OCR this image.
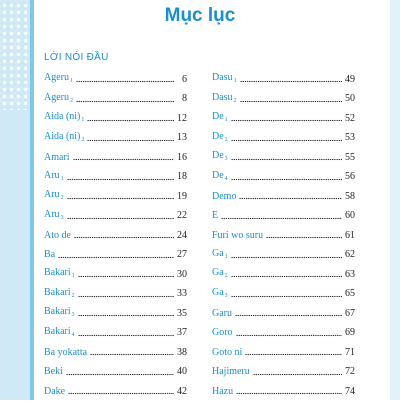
Mục lục
LỜI NÓI ĐẦU
Ageru$_1$	6
Ageru$_2$	8
Aida $(ni)_1$	12
Aida $(ni)_2$	13
Amari	16
Aru$_1$	18
Aru$_2$	19
Aru$_3$	22
Ato de	24
Ba	27
Bakari$_1$	30
Bakari$_2$	33
Bakari$_3$	35
Bakari$_4$	37
Ba yokatta	38
Beki	40
Dake	42
Dasu$_1$	49
Dasu$_2$	50
$De_1$	52
$De_2$	53
$De_3$	55
$De_4$	56
Demo	58
E	60
Furi wo suru	61
$Ga_1$	62
$Ga_2$	63
$Ga_3$	65
Garu	67
Goro	69
Goto ni	71
Hajimeru	72
Hazu	74
